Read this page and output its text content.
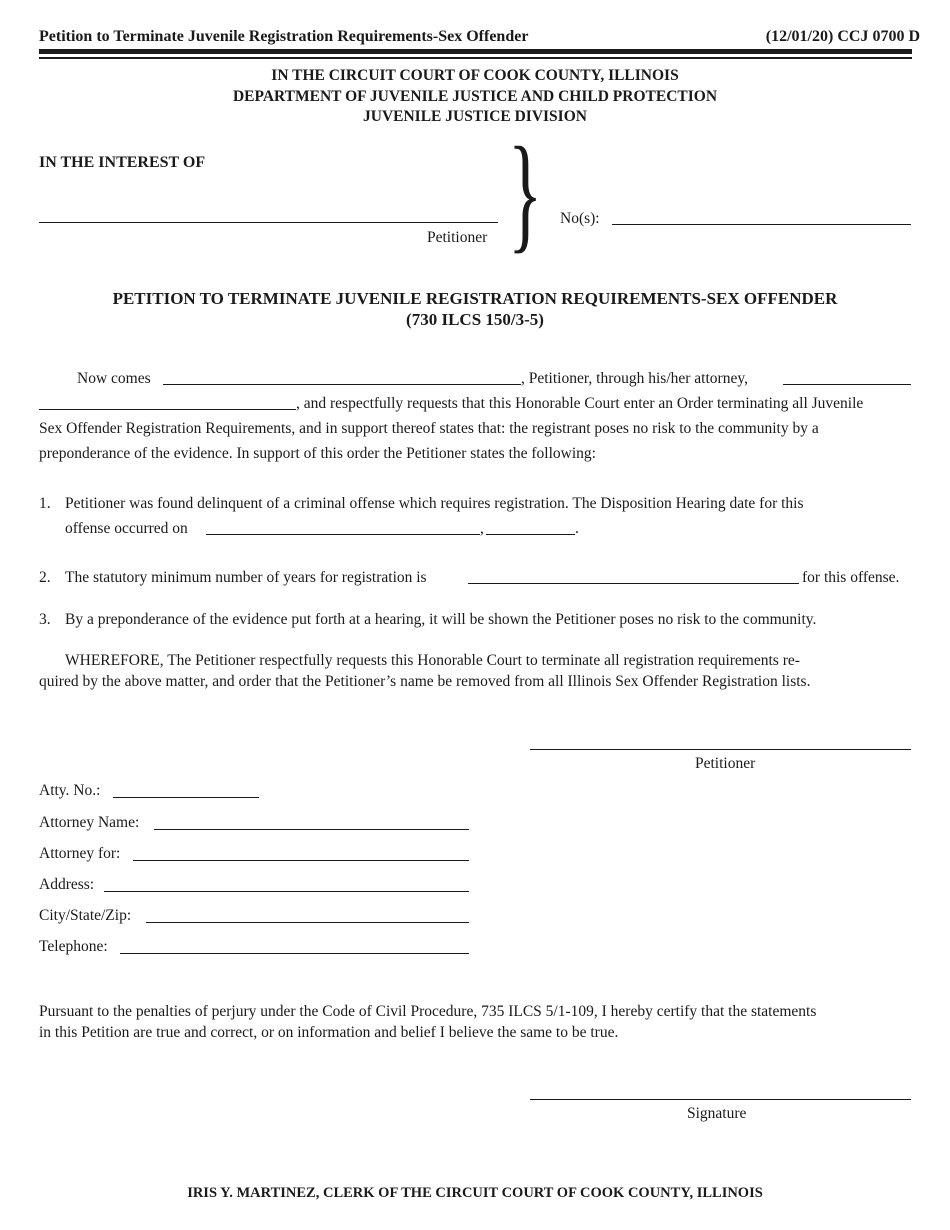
Petition to Terminate Juvenile Registration Requirements-Sex Offender	(12/01/20) CCJ 0700 D
IN THE CIRCUIT COURT OF COOK COUNTY, ILLINOIS
DEPARTMENT OF JUVENILE JUSTICE AND CHILD PROTECTION
JUVENILE JUSTICE DIVISION
IN THE INTEREST OF
Petitioner } No(s):
PETITION TO TERMINATE JUVENILE REGISTRATION REQUIREMENTS-SEX OFFENDER
(730 ILCS 150/3-5)
Now comes	, Petitioner, through his/her attorney,
, and respectfully requests that this Honorable Court enter an Order terminating all Juvenile
Sex Offender Registration Requirements, and in support thereof states that: the registrant poses no risk to the community by a
preponderance of the evidence. In support of this order the Petitioner states the following:
1. Petitioner was found delinquent of a criminal offense which requires registration. The Disposition Hearing date for this
offense occurred on	,	.
2. The statutory minimum number of years for registration is	for this offense.
3. By a preponderance of the evidence put forth at a hearing, it will be shown the Petitioner poses no risk to the community.
WHEREFORE, The Petitioner respectfully requests this Honorable Court to terminate all registration requirements re-
quired by the above matter, and order that the Petitioner’s name be removed from all Illinois Sex Offender Registration lists.
Petitioner
Atty. No.:
Attorney Name:
Attorney for:
Address:
City/State/Zip:
Telephone:
Pursuant to the penalties of perjury under the Code of Civil Procedure, 735 ILCS 5/1-109, I hereby certify that the statements
in this Petition are true and correct, or on information and belief I believe the same to be true.
Signature
IRIS Y. MARTINEZ, CLERK OF THE CIRCUIT COURT OF COOK COUNTY, ILLINOIS
